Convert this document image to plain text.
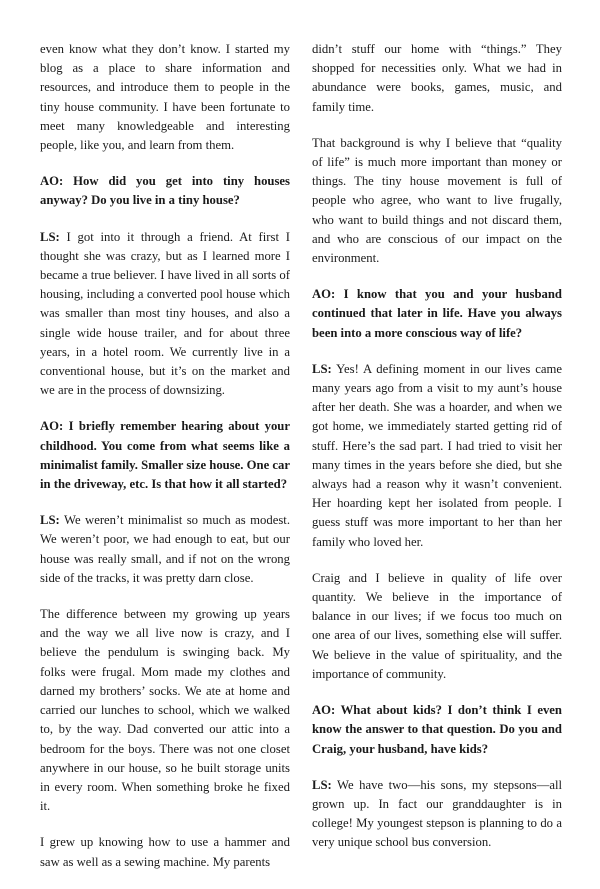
even know what they don’t know. I started my blog as a place to share information and resources, and introduce them to people in the tiny house community. I have been fortunate to meet many knowledgeable and interesting people, like you, and learn from them.

AO: How did you get into tiny houses anyway? Do you live in a tiny house?

LS: I got into it through a friend. At first I thought she was crazy, but as I learned more I became a true believer. I have lived in all sorts of housing, including a converted pool house which was smaller than most tiny houses, and also a single wide house trailer, and for about three years, in a hotel room. We currently live in a conventional house, but it’s on the market and we are in the process of downsizing.

AO: I briefly remember hearing about your childhood. You come from what seems like a minimalist family. Smaller size house. One car in the driveway, etc. Is that how it all started?

LS: We weren’t minimalist so much as modest. We weren’t poor, we had enough to eat, but our house was really small, and if not on the wrong side of the tracks, it was pretty darn close.

The difference between my growing up years and the way we all live now is crazy, and I believe the pendulum is swinging back. My folks were frugal. Mom made my clothes and darned my brothers’ socks. We ate at home and carried our lunches to school, which we walked to, by the way. Dad converted our attic into a bedroom for the boys. There was not one closet anywhere in our house, so he built storage units in every room. When something broke he fixed it.

I grew up knowing how to use a hammer and saw as well as a sewing machine. My parents

didn’t stuff our home with “things.” They shopped for necessities only. What we had in abundance were books, games, music, and family time.

That background is why I believe that “quality of life” is much more important than money or things. The tiny house movement is full of people who agree, who want to live frugally, who want to build things and not discard them, and who are conscious of our impact on the environment.

AO: I know that you and your husband continued that later in life. Have you always been into a more conscious way of life?

LS: Yes! A defining moment in our lives came many years ago from a visit to my aunt’s house after her death. She was a hoarder, and when we got home, we immediately started getting rid of stuff. Here’s the sad part. I had tried to visit her many times in the years before she died, but she always had a reason why it wasn’t convenient. Her hoarding kept her isolated from people. I guess stuff was more important to her than her family who loved her.

Craig and I believe in quality of life over quantity. We believe in the importance of balance in our lives; if we focus too much on one area of our lives, something else will suffer. We believe in the value of spirituality, and the importance of community.

AO: What about kids? I don’t think I even know the answer to that question. Do you and Craig, your husband, have kids?

LS: We have two—his sons, my stepsons—all grown up. In fact our granddaughter is in college! My youngest stepson is planning to do a very unique school bus conversion.
